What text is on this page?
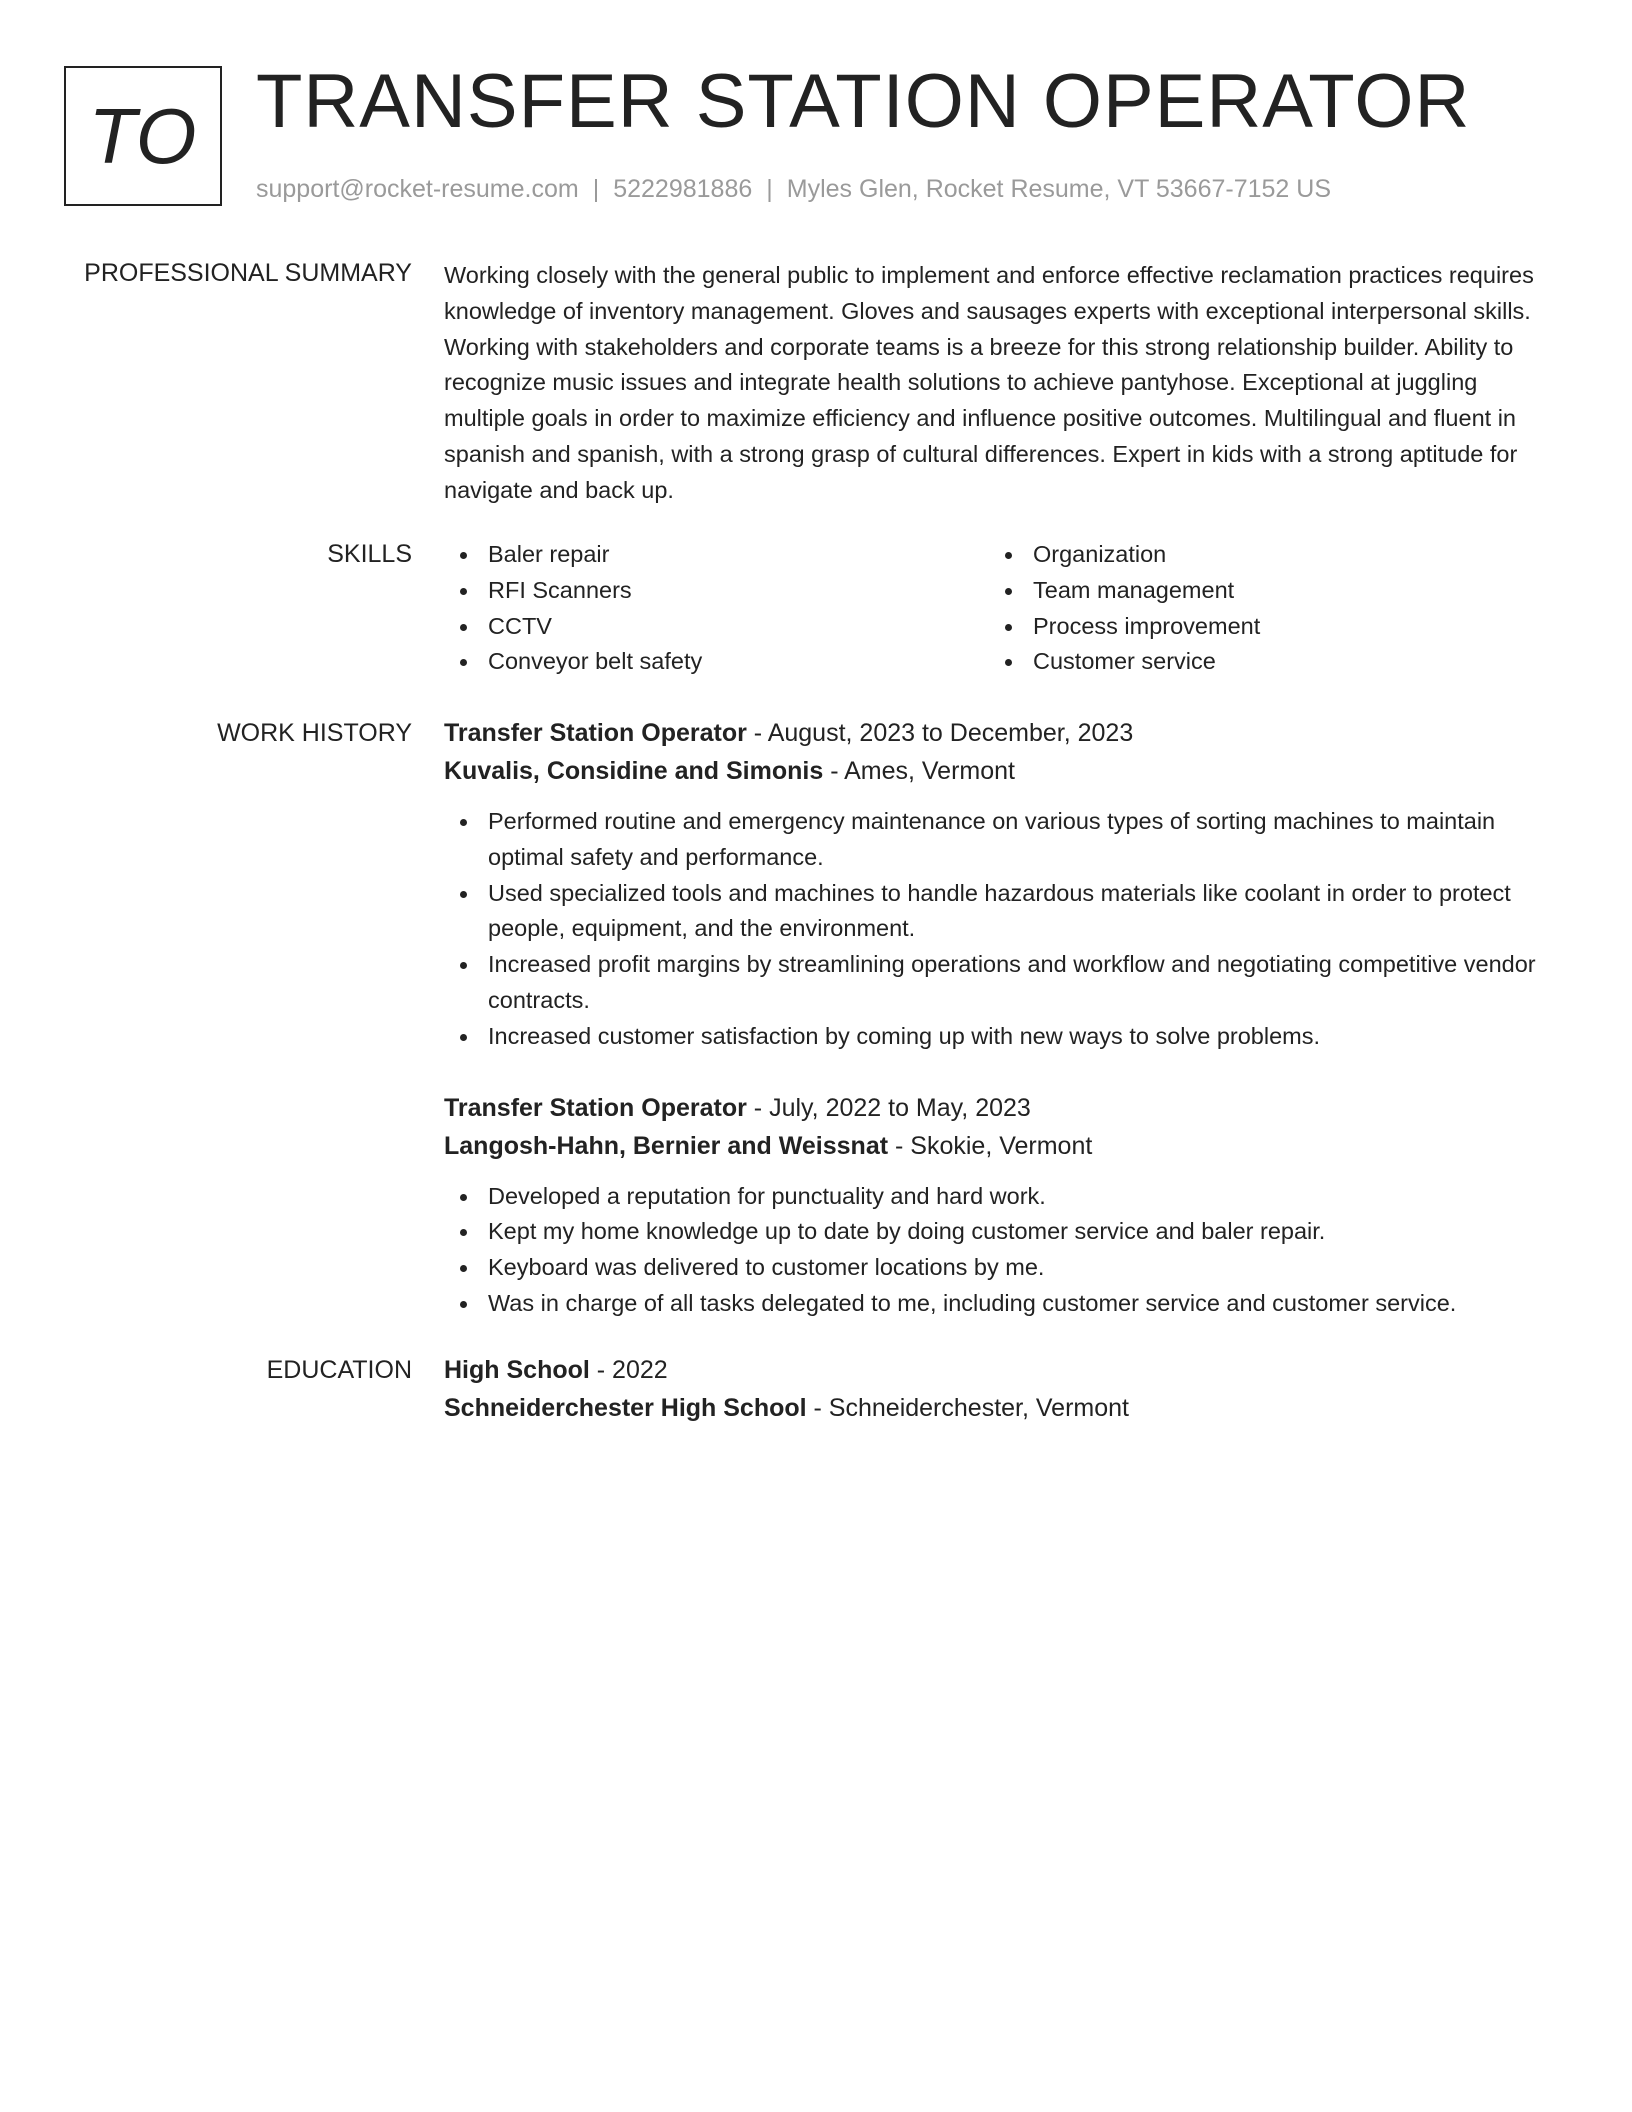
TO TRANSFER STATION OPERATOR
support@rocket-resume.com | 5222981886 | Myles Glen, Rocket Resume, VT 53667-7152 US
PROFESSIONAL SUMMARY Working closely with the general public to implement and enforce effective reclamation practices requires knowledge of inventory management. Gloves and sausages experts with exceptional interpersonal skills. Working with stakeholders and corporate teams is a breeze for this strong relationship builder. Ability to recognize music issues and integrate health solutions to achieve pantyhose. Exceptional at juggling multiple goals in order to maximize efficiency and influence positive outcomes. Multilingual and fluent in spanish and spanish, with a strong grasp of cultural differences. Expert in kids with a strong aptitude for navigate and back up.

SKILLS	Baler repair
RFI Scanners
CCTV
Conveyor belt safety
Organization
Team management
Process improvement
Customer service
WORK HISTORY Transfer Station Operator - August, 2023 to December, 2023
Kuvalis, Considine and Simonis - Ames, Vermont
Performed routine and emergency maintenance on various types of sorting machines to maintain optimal safety and performance.
Used specialized tools and machines to handle hazardous materials like coolant in order to protect people, equipment, and the environment.
Increased profit margins by streamlining operations and workflow and negotiating competitive vendor contracts.
Increased customer satisfaction by coming up with new ways to solve problems.
Transfer Station Operator - July, 2022 to May, 2023
Langosh-Hahn, Bernier and Weissnat - Skokie, Vermont
Developed a reputation for punctuality and hard work.
Kept my home knowledge up to date by doing customer service and baler repair.
Keyboard was delivered to customer locations by me.
Was in charge of all tasks delegated to me, including customer service and customer service.
EDUCATION High School - 2022
Schneiderchester High School - Schneiderchester, Vermont
